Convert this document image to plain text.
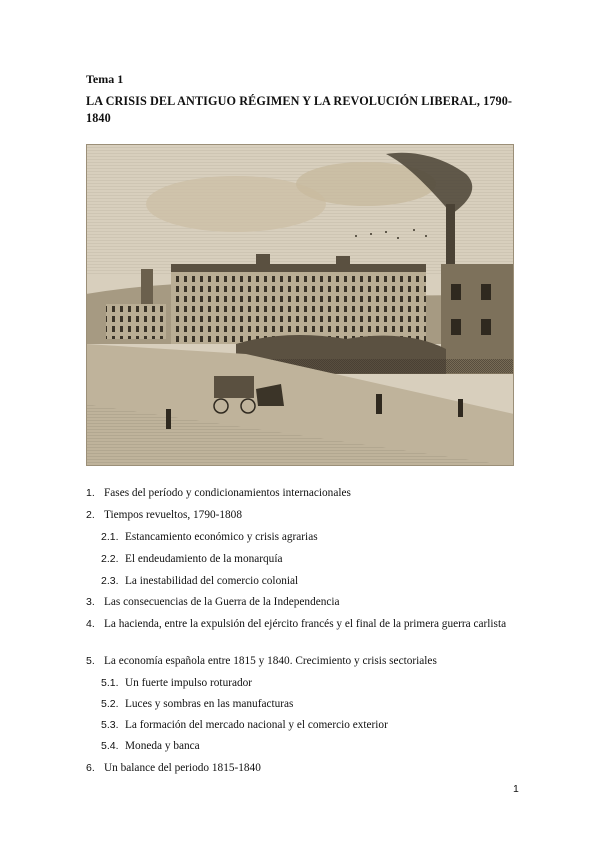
Tema 1
LA CRISIS DEL ANTIGUO RÉGIMEN Y LA REVOLUCIÓN LIBERAL, 1790-1840
1. Fases del período y condicionamientos internacionales
2. Tiempos revueltos, 1790-1808
2.1. Estancamiento económico y crisis agrarias
2.2. El endeudamiento de la monarquía
2.3. La inestabilidad del comercio colonial
3. Las consecuencias de la Guerra de la Independencia
4. La hacienda, entre la expulsión del ejército francés y el final de la primera guerra carlista
5. La economía española entre 1815 y 1840. Crecimiento y crisis sectoriales
5.1. Un fuerte impulso roturador
5.2. Luces y sombras en las manufacturas
5.3. La formación del mercado nacional y el comercio exterior
5.4. Moneda y banca
6. Un balance del periodo 1815-1840
1
